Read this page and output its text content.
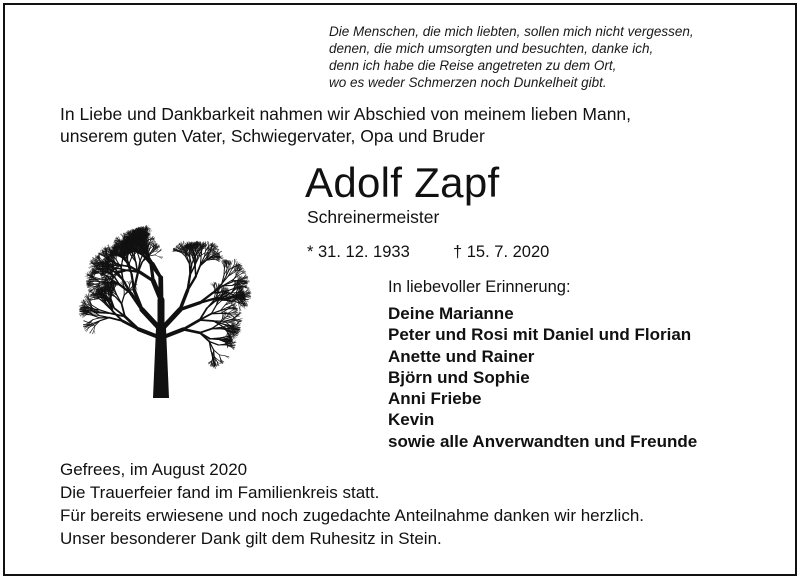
Die Menschen, die mich liebten, sollen mich nicht vergessen,
denen, die mich umsorgten und besuchten, danke ich,
denn ich habe die Reise angetreten zu dem Ort,
wo es weder Schmerzen noch Dunkelheit gibt.
In Liebe und Dankbarkeit nahmen wir Abschied von meinem lieben Mann,
unserem guten Vater, Schwiegervater, Opa und Bruder
Adolf Zapf
Schreinermeister
* 31. 12. 1933	† 15. 7. 2020
In liebevoller Erinnerung:
Deine Marianne
Peter und Rosi mit Daniel und Florian
Anette und Rainer
Björn und Sophie
Anni Friebe
Kevin
sowie alle Anverwandten und Freunde
Gefrees, im August 2020
Die Trauerfeier fand im Familienkreis statt.
Für bereits erwiesene und noch zugedachte Anteilnahme danken wir herzlich.
Unser besonderer Dank gilt dem Ruhesitz in Stein.
